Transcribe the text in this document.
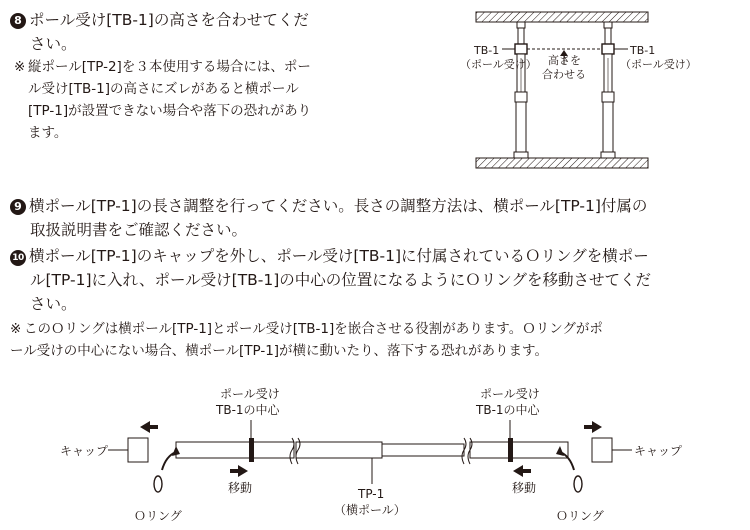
8 ポール受け[TB-1]の高さを合わせてくだ
さい。
※ 縦ポール[TP-2]を３本使用する場合には、ポー
ル受け[TB-1]の高さにズレがあると横ポール
[TP-1]が設置できない場合や落下の恐れがあり
ます。
TB-1
（ポール受け）
TB-1
（ポール受け）
高さを
合わせる
9 横ポール[TP-1]の長さ調整を行ってください。長さの調整方法は、横ポール[TP-1]付属の
取扱説明書をご確認ください。
10 横ポール[TP-1]のキャップを外し、ポール受け[TB-1]に付属されているＯリングを横ポー
ル[TP-1]に入れ、ポール受け[TB-1]の中心の位置になるようにＯリングを移動させてくだ
さい。
※ このＯリングは横ポール[TP-1]とポール受け[TB-1]を嵌合させる役割があります。Ｏリングがポ
ール受けの中心にない場合、横ポール[TP-1]が横に動いたり、落下する恐れがあります。
キャップ	キャップ
ポール受け
TB-1の中心
ポール受け
TB-1の中心
移動	移動
Ｏリング	Ｏリング
TP-1
（横ポール）
